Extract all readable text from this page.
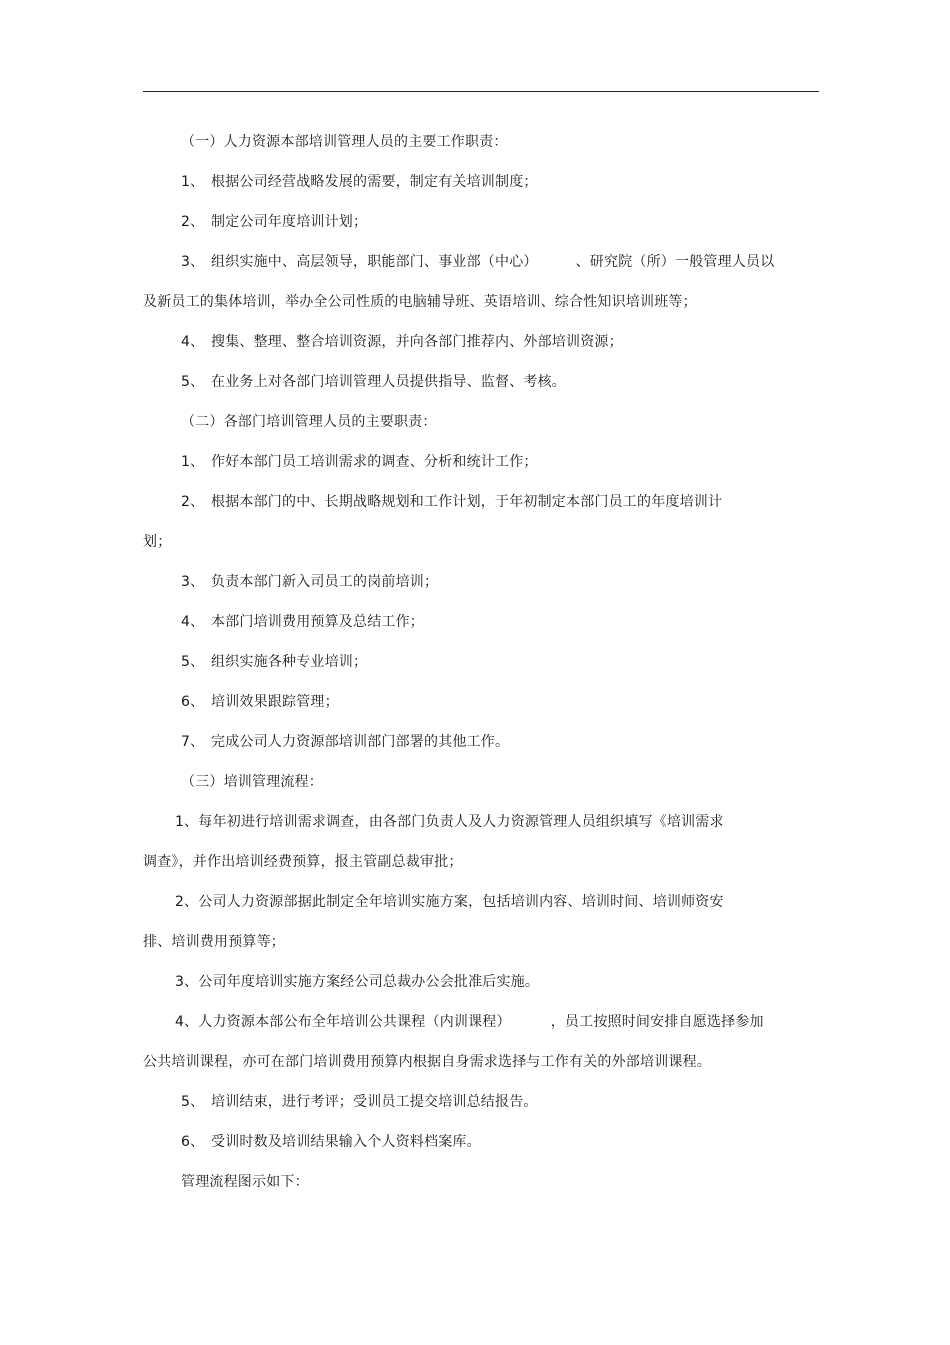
（一）人力资源本部培训管理人员的主要工作职责：
1、 根据公司经营战略发展的需要，制定有关培训制度；
2、 制定公司年度培训计划；
3、 组织实施中、高层领导，职能部门、事业部（中心）	、研究院（所）一般管理人员以
及新员工的集体培训，举办全公司性质的电脑辅导班、英语培训、综合性知识培训班等；
4、 搜集、整理、整合培训资源，并向各部门推荐内、外部培训资源；
5、 在业务上对各部门培训管理人员提供指导、监督、考核。
（二）各部门培训管理人员的主要职责：
1、 作好本部门员工培训需求的调查、分析和统计工作；
2、 根据本部门的中、长期战略规划和工作计划，于年初制定本部门员工的年度培训计
划；
3、 负责本部门新入司员工的岗前培训；
4、 本部门培训费用预算及总结工作；
5、 组织实施各种专业培训；
6、 培训效果跟踪管理；
7、 完成公司人力资源部培训部门部署的其他工作。
（三）培训管理流程：
1、每年初进行培训需求调查，由各部门负责人及人力资源管理人员组织填写《培训需求
调查》，并作出培训经费预算，报主管副总裁审批；
2、公司人力资源部据此制定全年培训实施方案，包括培训内容、培训时间、培训师资安
排、培训费用预算等；
3、公司年度培训实施方案经公司总裁办公会批准后实施。
4、人力资源本部公布全年培训公共课程（内训课程）	，员工按照时间安排自愿选择参加
公共培训课程，亦可在部门培训费用预算内根据自身需求选择与工作有关的外部培训课程。
5、 培训结束，进行考评；受训员工提交培训总结报告。
6、 受训时数及培训结果输入个人资料档案库。
管理流程图示如下：
